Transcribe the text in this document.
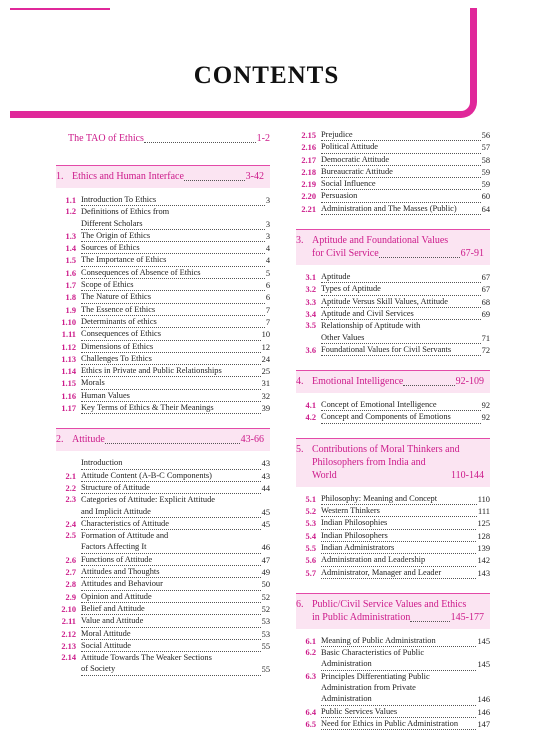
CONTENTS
The TAO of Ethics	1-2
1. Ethics and Human Interface	3-42
1.1 Introduction To Ethics	3
1.2 Definitions of Ethics from
Different Scholars	3
1.3 The Origin of Ethics	3
1.4 Sources of Ethics	4
1.5 The Importance of Ethics	4
1.6 Consequences of Absence of Ethics	5
1.7 Scope of Ethics	6
1.8 The Nature of Ethics	6
1.9 The Essence of Ethics	7
1.10 Determinants of ethics	7
1.11 Consequences of Ethics	10
1.12 Dimensions of Ethics	12
1.13 Challenges To Ethics	24
1.14 Ethics in Private and Public Relationships	25
1.15 Morals	31
1.16 Human Values	32
1.17 Key Terms of Ethics & Their Meanings	39
2. Attitude	43-66
Introduction	43
2.1 Attitude Content (A-B-C Components)	43
2.2 Structure of Attitude	44
2.3 Categories of Attitude: Explicit Attitude
and Implicit Attitude	45
2.4 Characteristics of Attitude	45
2.5 Formation of Attitude and
Factors Affecting It	46
2.6 Functions of Attitude	47
2.7 Attitudes and Thoughts	49
2.8 Attitudes and Behaviour	50
2.9 Opinion and Attitude	52
2.10 Belief and Attitude	52
2.11 Value and Attitude	53
2.12 Moral Attitude	53
2.13 Social Attitude	55
2.14 Attitude Towards The Weaker Sections
of Society	55
2.15 Prejudice	56
2.16 Political Attitude	57
2.17 Democratic Attitude	58
2.18 Bureaucratic Attitude	59
2.19 Social Influence	59
2.20 Persuasion	60
2.21 Administration and The Masses (Public)	64
3. Aptitude and Foundational Values
for Civil Service	67-91
3.1 Aptitude	67
3.2 Types of Aptitude	67
3.3 Aptitude Versus Skill Values, Attitude	68
3.4 Aptitude and Civil Services	69
3.5 Relationship of Aptitude with
Other Values	71
3.6 Foundational Values for Civil Servants	72
4. Emotional Intelligence	92-109
4.1 Concept of Emotional Intelligence	92
4.2 Concept and Components of Emotions	92
5. Contributions of Moral Thinkers and
Philosophers from India and World	110-144
5.1 Philosophy: Meaning and Concept	110
5.2 Western Thinkers	111
5.3 Indian Philosophies	125
5.4 Indian Philosophers	128
5.5 Indian Administrators	139
5.6 Administration and Leadership	142
5.7 Administrator, Manager and Leader	143
6. Public/Civil Service Values and Ethics
in Public Administration	145-177
6.1 Meaning of Public Administration	145
6.2 Basic Characteristics of Public
Administration	145
6.3 Principles Differentiating Public
Administration from Private
Administration	146
6.4 Public Services Values	146
6.5 Need for Ethics in Public Administration	147
